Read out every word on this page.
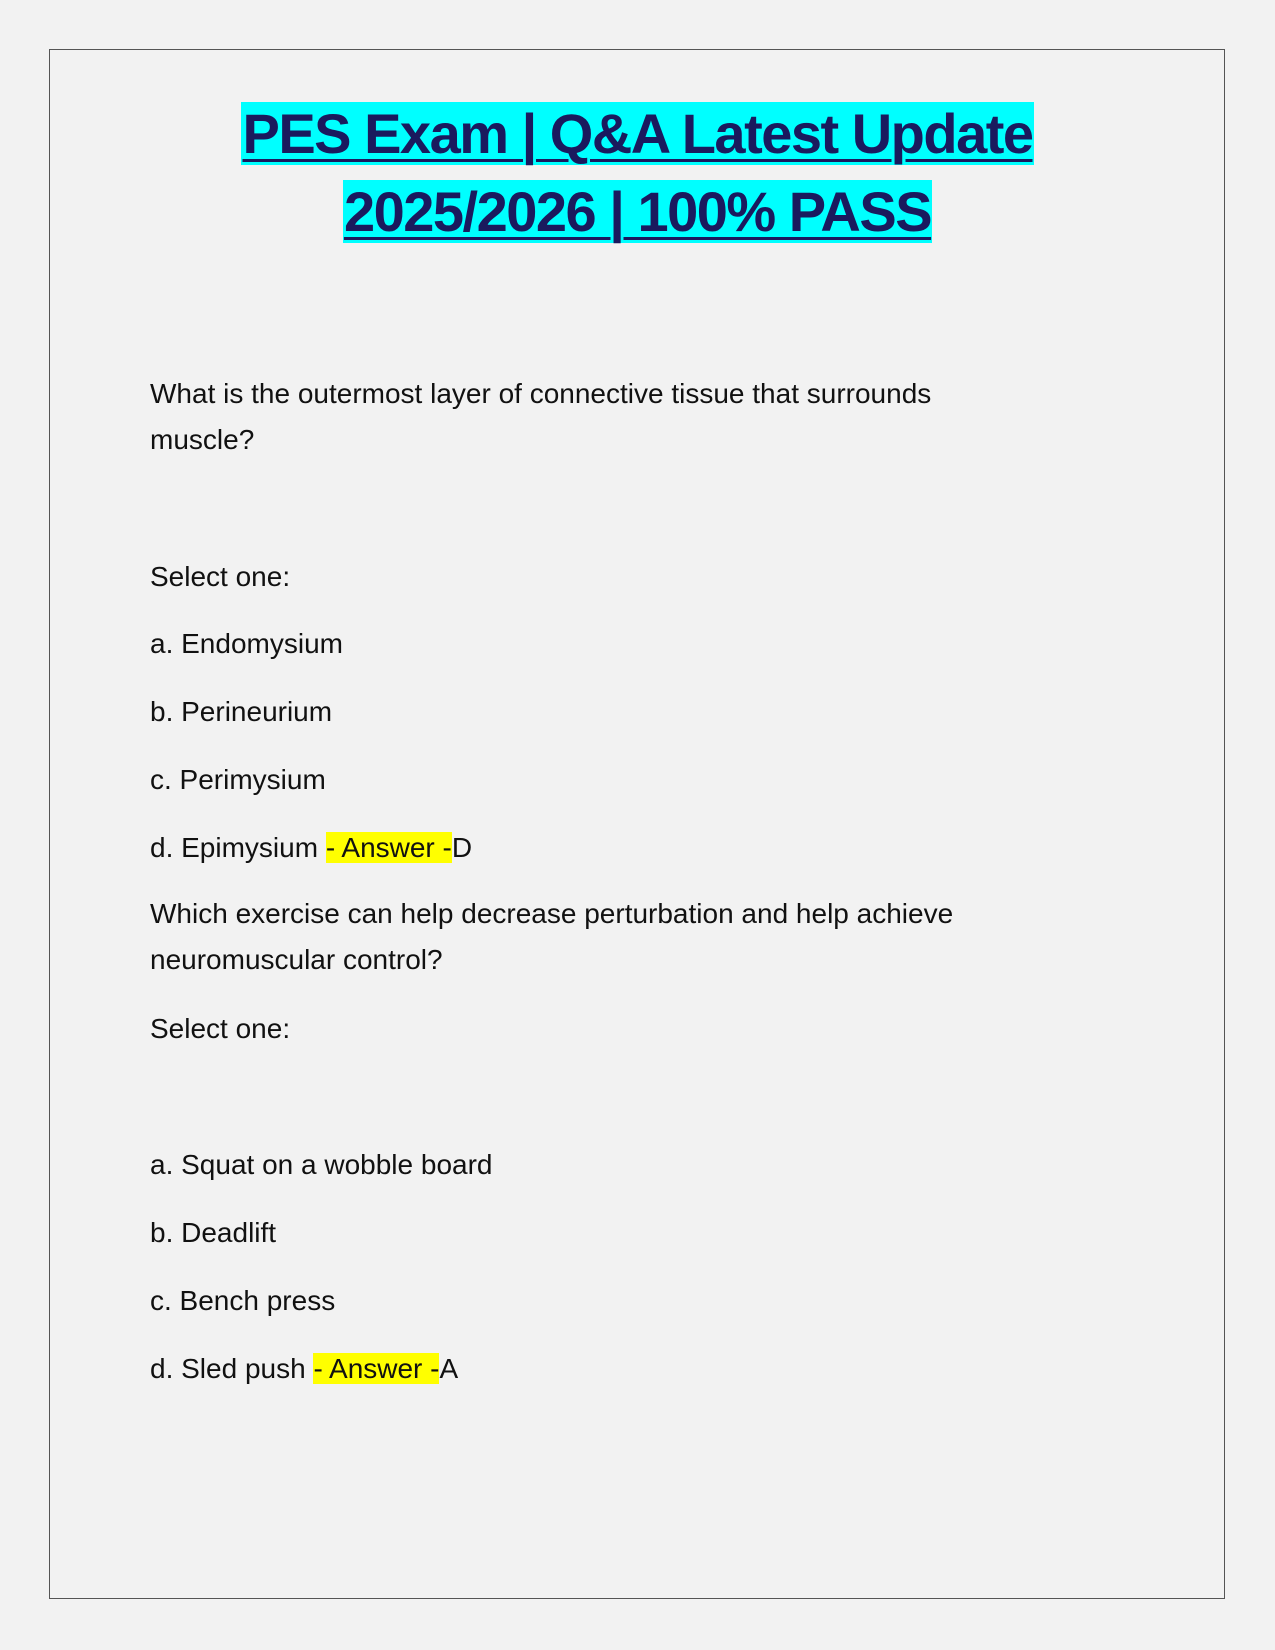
PES Exam | Q&A Latest Update
2025/2026 | 100% PASS
What is the outermost layer of connective tissue that surrounds
muscle?
Select one:
a. Endomysium
b. Perineurium
c. Perimysium
d. Epimysium - Answer -D
Which exercise can help decrease perturbation and help achieve
neuromuscular control?
Select one:
a. Squat on a wobble board
b. Deadlift
c. Bench press
d. Sled push - Answer -A
